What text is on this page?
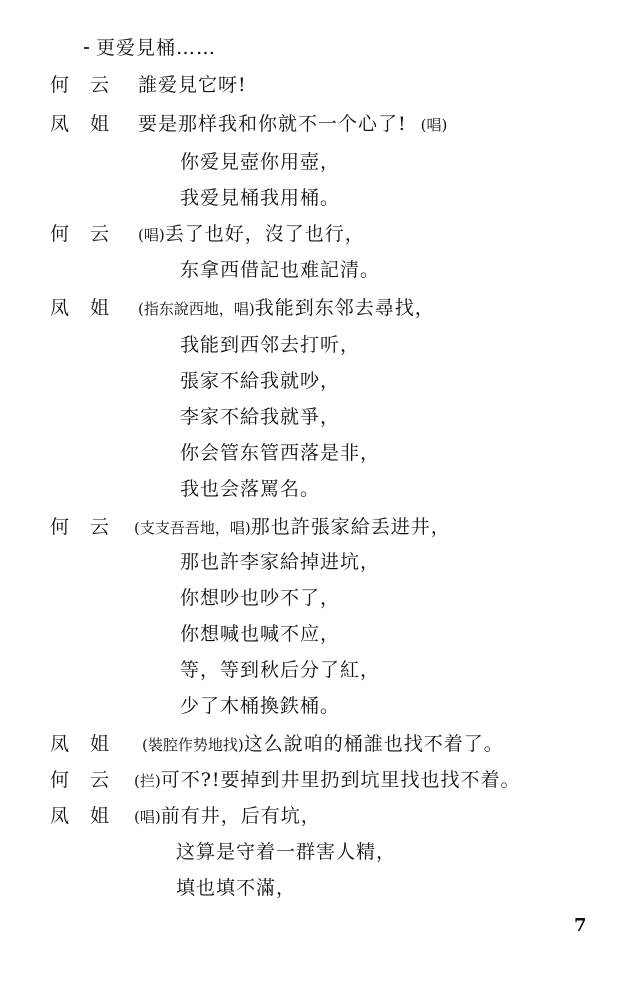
更爱見桶……
何　云 誰爱見它呀!
凤　姐 要是那样我和你就不一个心了! (唱)
你爱見壺你用壺，
我爱見桶我用桶。
何　云 (唱)丢了也好，沒了也行，
东拿西借記也难記清。
凤　姐 (指东說西地，唱)我能到东邻去尋找，
我能到西邻去打听，
張家不給我就吵，
李家不給我就爭，
你会管东管西落是非，
我也会落罵名。
何　云 (支支吾吾地，唱)那也許張家給丢进井，
那也許李家給掉进坑，
你想吵也吵不了，
你想喊也喊不应，
等，等到秋后分了紅，
少了木桶換鉄桶。
凤　姐 (裝腔作势地找)这么說咱的桶誰也找不着了。
何　云 (拦)可不?!要掉到井里扔到坑里找也找不着。
凤　姐 (唱)前有井，后有坑，
这算是守着一群害人精，
填也填不滿，
7
